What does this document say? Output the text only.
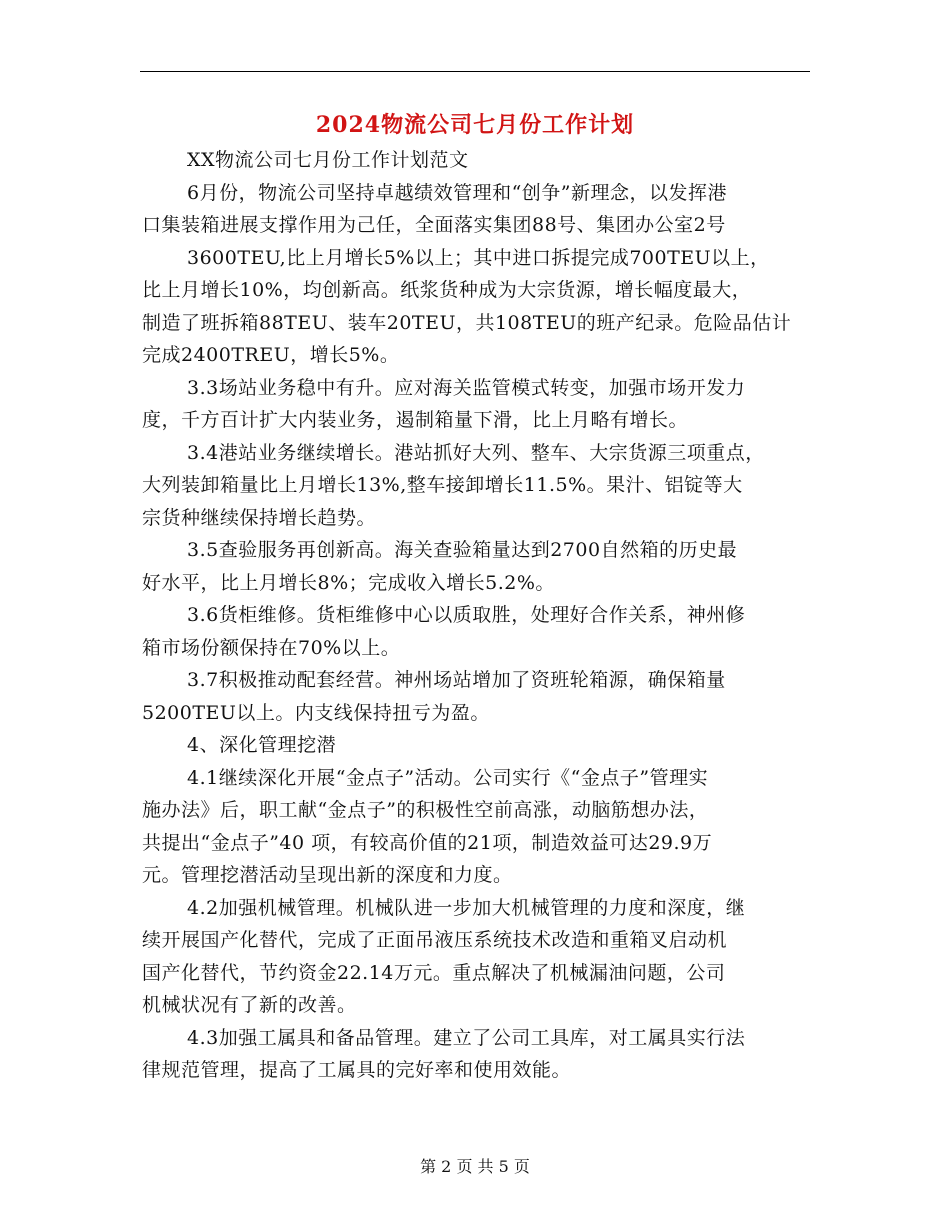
2024物流公司七月份工作计划
XX物流公司七月份工作计划范文
6月份，物流公司坚持卓越绩效管理和“创争”新理念，以发挥港
口集装箱进展支撑作用为己任，全面落实集团88号、集团办公室2号
3600TEU,比上月增长5%以上；其中进口拆提完成700TEU以上，
比上月增长10%，均创新高。纸浆货种成为大宗货源，增长幅度最大，
制造了班拆箱88TEU、装车20TEU，共108TEU的班产纪录。危险品估计
完成2400TREU，增长5%。
3.3场站业务稳中有升。应对海关监管模式转变，加强市场开发力
度，千方百计扩大内装业务，遏制箱量下滑，比上月略有增长。
3.4港站业务继续增长。港站抓好大列、整车、大宗货源三项重点，
大列装卸箱量比上月增长13%,整车接卸增长11.5%。果汁、铝锭等大
宗货种继续保持增长趋势。
3.5查验服务再创新高。海关查验箱量达到2700自然箱的历史最
好水平，比上月增长8%；完成收入增长5.2%。
3.6货柜维修。货柜维修中心以质取胜，处理好合作关系，神州修
箱市场份额保持在70%以上。
3.7积极推动配套经营。神州场站增加了资班轮箱源，确保箱量
5200TEU以上。内支线保持扭亏为盈。
4、深化管理挖潜
4.1继续深化开展“金点子”活动。公司实行《“金点子”管理实
施办法》后，职工献“金点子”的积极性空前高涨，动脑筋想办法，
共提出“金点子”40 项，有较高价值的21项，制造效益可达29.9万
元。管理挖潜活动呈现出新的深度和力度。
4.2加强机械管理。机械队进一步加大机械管理的力度和深度，继
续开展国产化替代，完成了正面吊液压系统技术改造和重箱叉启动机
国产化替代，节约资金22.14万元。重点解决了机械漏油问题，公司
机械状况有了新的改善。
4.3加强工属具和备品管理。建立了公司工具库，对工属具实行法
律规范管理，提高了工属具的完好率和使用效能。
第 2 页 共 5 页
